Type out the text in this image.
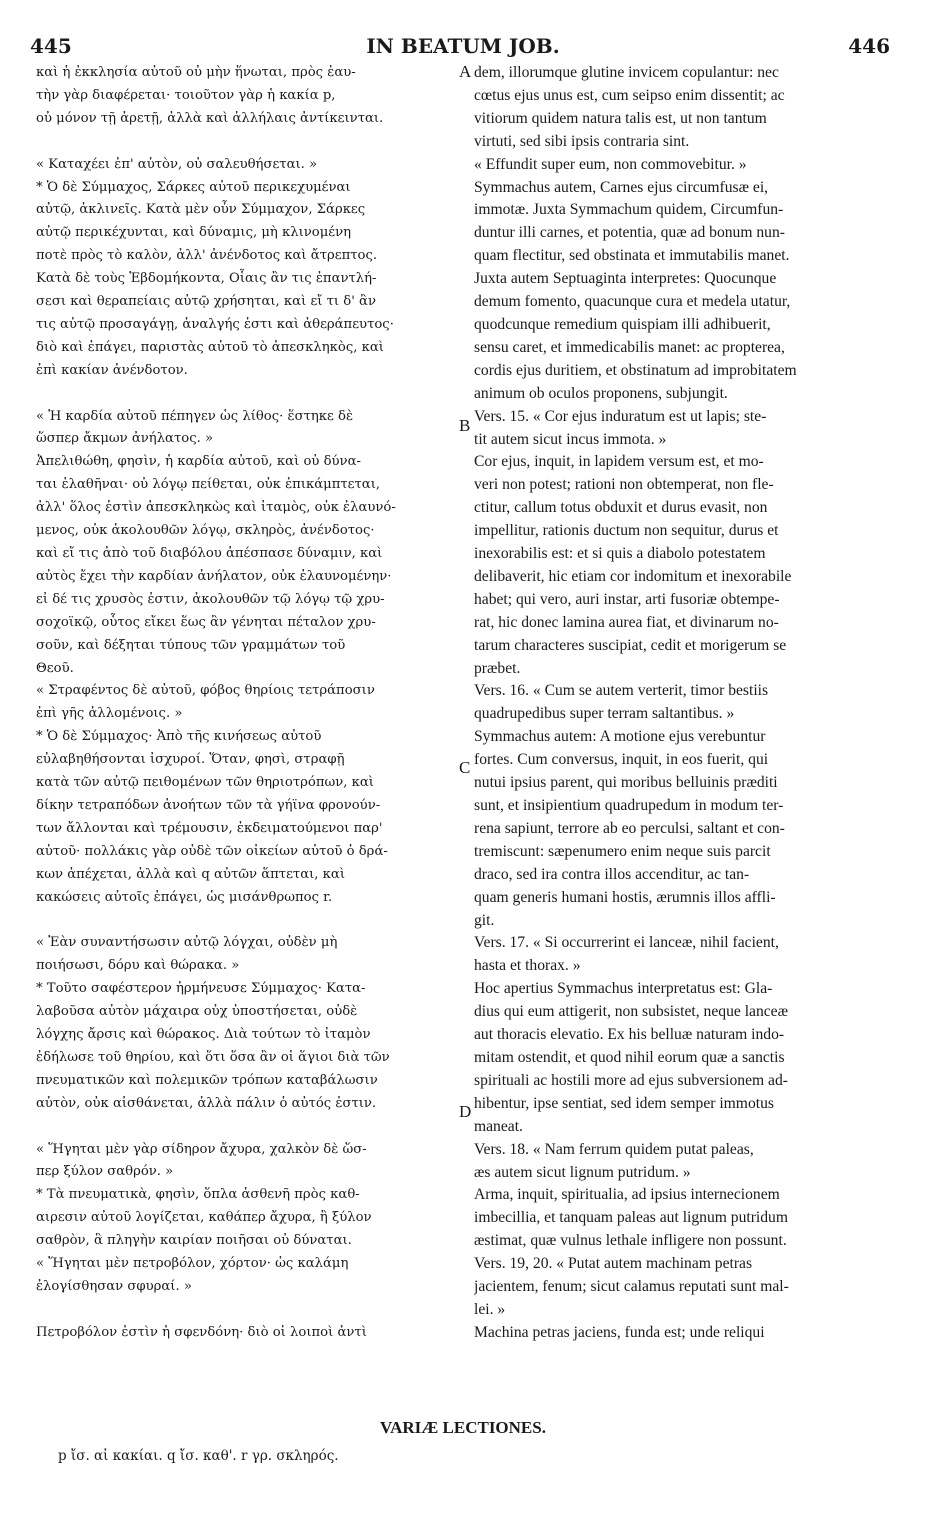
445	IN BEATUM JOB.	446
καὶ ἡ ἐκκλησία αὐτοῦ οὐ μὴν ἥνωται, πρὸς ἑαυ-
τὴν γὰρ διαφέρεται· τοιοῦτον γὰρ ἡ κακία p,
οὐ μόνον τῇ ἀρετῇ, ἀλλὰ καὶ ἀλλήλαις ἀντίκεινται.
« Καταχέει ἐπ' αὐτὸν, οὐ σαλευθήσεται. »
* Ὁ δὲ Σύμμαχος, Σάρκες αὐτοῦ περικεχυμέναι
αὐτῷ, ἀκλινεῖς. Κατὰ μὲν οὖν Σύμμαχον, Σάρκες
αὐτῷ περικέχυνται, καὶ δύναμις, μὴ κλινομένη
ποτὲ πρὸς τὸ καλὸν, ἀλλ' ἀνένδοτος καὶ ἄτρεπτος.
Κατὰ δὲ τοὺς Ἑβδομήκοντα, Οἷαις ἂν τις ἐπαντλή-
σεσι καὶ θεραπείαις αὐτῷ χρήσηται, καὶ εἴ τι δ' ἂν
τις αὐτῷ προσαγάγῃ, ἀναλγής ἐστι καὶ ἀθεράπευτος·
διὸ καὶ ἐπάγει, παριστὰς αὐτοῦ τὸ ἀπεσκληκὸς, καὶ
ἐπὶ κακίαν ἀνένδοτον.
« Ἡ καρδία αὐτοῦ πέπηγεν ὡς λίθος· ἕστηκε δὲ
ὥσπερ ἄκμων ἀνήλατος. »
Ἀπελιθώθη, φησὶν, ἡ καρδία αὐτοῦ, καὶ οὐ δύνα-
ται ἐλαθῆναι· οὐ λόγῳ πείθεται, οὐκ ἐπικάμπτεται,
ἀλλ' ὅλος ἐστὶν ἀπεσκληκὼς καὶ ἰταμὸς, οὐκ ἐλαυνό-
μενος, οὐκ ἀκολουθῶν λόγῳ, σκληρὸς, ἀνένδοτος·
καὶ εἴ τις ἀπὸ τοῦ διαβόλου ἀπέσπασε δύναμιν, καὶ
αὐτὸς ἔχει τὴν καρδίαν ἀνήλατον, οὐκ ἐλαυνομένην·
εἰ δέ τις χρυσὸς ἐστιν, ἀκολουθῶν τῷ λόγῳ τῷ χρυ-
σοχοϊκῷ, οὗτος εἴκει ἕως ἂν γένηται πέταλον χρυ-
σοῦν, καὶ δέξηται τύπους τῶν γραμμάτων τοῦ
Θεοῦ.
« Στραφέντος δὲ αὐτοῦ, φόβος θηρίοις τετράποσιν
ἐπὶ γῆς ἀλλομένοις. »
* Ὁ δὲ Σύμμαχος· Ἀπὸ τῆς κινήσεως αὐτοῦ
εὐλαβηθήσονται ἰσχυροί. Ὅταν, φησὶ, στραφῇ
κατὰ τῶν αὐτῷ πειθομένων τῶν θηριοτρόπων, καὶ
δίκην τετραπόδων ἀνοήτων τῶν τὰ γήϊνα φρονούν-
των ἄλλονται καὶ τρέμουσιν, ἐκδειματούμενοι παρ'
αὐτοῦ· πολλάκις γὰρ οὐδὲ τῶν οἰκείων αὐτοῦ ὁ δρά-
κων ἀπέχεται, ἀλλὰ καὶ q αὐτῶν ἅπτεται, καὶ
κακώσεις αὐτοῖς ἐπάγει, ὡς μισάνθρωπος r.
« Ἐὰν συναντήσωσιν αὐτῷ λόγχαι, οὐδὲν μὴ
ποιήσωσι, δόρυ καὶ θώρακα. »
* Τοῦτο σαφέστερον ἡρμήνευσε Σύμμαχος· Κατα-
λαβοῦσα αὐτὸν μάχαιρα οὐχ ὑποστήσεται, οὐδὲ
λόγχης ἄρσις καὶ θώρακος. Διὰ τούτων τὸ ἰταμὸν
ἐδήλωσε τοῦ θηρίου, καὶ ὅτι ὅσα ἂν οἱ ἅγιοι διὰ τῶν
πνευματικῶν καὶ πολεμικῶν τρόπων καταβάλωσιν
αὐτὸν, οὐκ αἰσθάνεται, ἀλλὰ πάλιν ὁ αὐτός ἐστιν.
« Ἥγηται μὲν γὰρ σίδηρον ἄχυρα, χαλκὸν δὲ ὥσ-
περ ξύλον σαθρόν. »
* Τὰ πνευματικὰ, φησὶν, ὅπλα ἀσθενῆ πρὸς καθ-
αιρεσιν αὐτοῦ λογίζεται, καθάπερ ἄχυρα, ἢ ξύλον
σαθρὸν, ἃ πληγὴν καιρίαν ποιῆσαι οὐ δύναται.
« Ἥγηται μὲν πετροβόλον, χόρτον· ὡς καλάμη
ἐλογίσθησαν σφυραί. »
Πετροβόλον ἐστὶν ἡ σφενδόνη· διὸ οἱ λοιποὶ ἀντὶ
dem, illorumque glutine invicem copulantur: nec
cœtus ejus unus est, cum seipso enim dissentit; ac
vitiorum quidem natura talis est, ut non tantum
virtuti, sed sibi ipsis contraria sint.
« Effundit super eum, non commovebitur. »
Symmachus autem, Carnes ejus circumfusæ ei,
immotæ. Juxta Symmachum quidem, Circumfun-
duntur illi carnes, et potentia, quæ ad bonum nun-
quam flectitur, sed obstinata et immutabilis manet.
Juxta autem Septuaginta interpretes: Quocunque
demum fomento, quacunque cura et medela utatur,
quodcunque remedium quispiam illi adhibuerit,
sensu caret, et immedicabilis manet: ac propterea,
cordis ejus duritiem, et obstinatum ad improbitatem
animum ob oculos proponens, subjungit.
Vers. 15. « Cor ejus induratum est ut lapis; ste-
tit autem sicut incus immota. »
Cor ejus, inquit, in lapidem versum est, et mo-
veri non potest; rationi non obtemperat, non fle-
ctitur, callum totus obduxit et durus evasit, non
impellitur, rationis ductum non sequitur, durus et
inexorabilis est: et si quis a diabolo potestatem
delibaverit, hic etiam cor indomitum et inexorabile
habet; qui vero, auri instar, arti fusoriæ obtempe-
rat, hic donec lamina aurea fiat, et divinarum no-
tarum characteres suscipiat, cedit et morigerum se
præbet.
Vers. 16. « Cum se autem verterit, timor bestiis
quadrupedibus super terram saltantibus. »
Symmachus autem: A motione ejus verebuntur
fortes. Cum conversus, inquit, in eos fuerit, qui
nutui ipsius parent, qui moribus belluinis præditi
sunt, et insipientium quadrupedum in modum ter-
rena sapiunt, terrore ab eo perculsi, saltant et con-
tremiscunt: sæpenumero enim neque suis parcit
draco, sed ira contra illos accenditur, ac tan-
quam generis humani hostis, ærumnis illos affli-
git.
Vers. 17. « Si occurrerint ei lanceæ, nihil facient,
hasta et thorax. »
Hoc apertius Symmachus interpretatus est: Gla-
dius qui eum attigerit, non subsistet, neque lanceæ
aut thoracis elevatio. Ex his belluæ naturam indo-
mitam ostendit, et quod nihil eorum quæ a sanctis
spirituali ac hostili more ad ejus subversionem ad-
hibentur, ipse sentiat, sed idem semper immotus
maneat.
Vers. 18. « Nam ferrum quidem putat paleas,
æs autem sicut lignum putridum. »
Arma, inquit, spiritualia, ad ipsius internecionem
imbecillia, et tanquam paleas aut lignum putridum
æstimat, quæ vulnus lethale infligere non possunt.
Vers. 19, 20. « Putat autem machinam petras
jacientem, fenum; sicut calamus reputati sunt mal-
lei. »
Machina petras jaciens, funda est; unde reliqui
A
B
C
D
VARIÆ LECTIONES.
p ἴσ. αἱ κακίαι. q ἴσ. καθ'. r γρ. σκληρός.
